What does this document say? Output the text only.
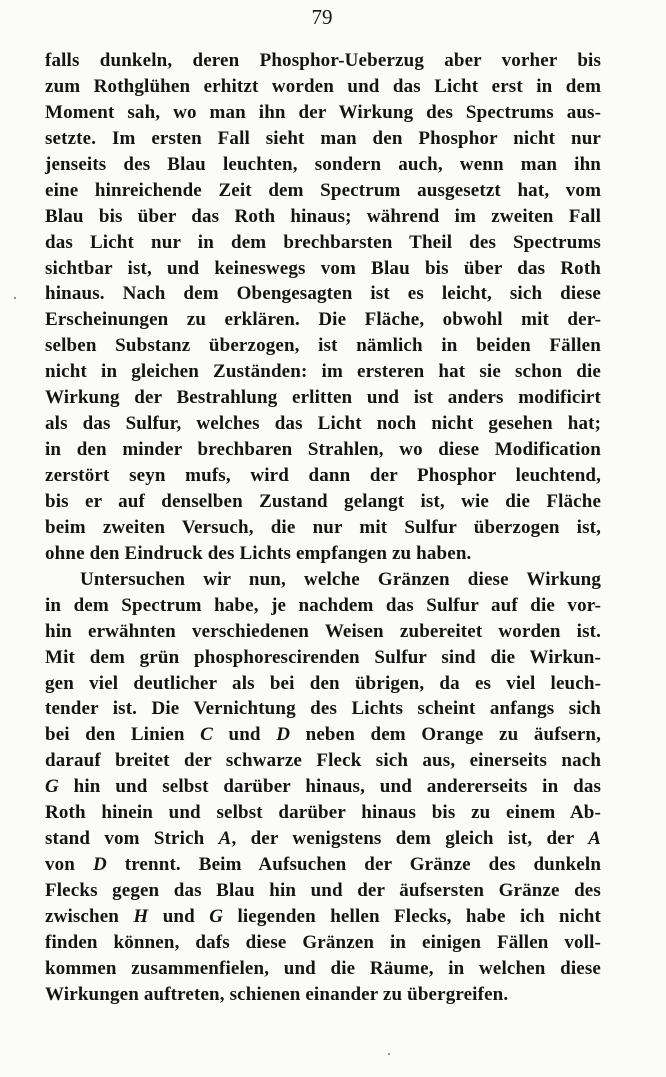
79
falls dunkeln, deren Phosphor-Ueberzug aber vorher bis
zum Rothglühen erhitzt worden und das Licht erst in dem
Moment sah, wo man ihn der Wirkung des Spectrums aus-
setzte. Im ersten Fall sieht man den Phosphor nicht nur
jenseits des Blau leuchten, sondern auch, wenn man ihn
eine hinreichende Zeit dem Spectrum ausgesetzt hat, vom
Blau bis über das Roth hinaus; während im zweiten Fall
das Licht nur in dem brechbarsten Theil des Spectrums
sichtbar ist, und keineswegs vom Blau bis über das Roth
hinaus. Nach dem Obengesagten ist es leicht, sich diese
Erscheinungen zu erklären. Die Fläche, obwohl mit der-
selben Substanz überzogen, ist nämlich in beiden Fällen
nicht in gleichen Zuständen: im ersteren hat sie schon die
Wirkung der Bestrahlung erlitten und ist anders modificirt
als das Sulfur, welches das Licht noch nicht gesehen hat;
in den minder brechbaren Strahlen, wo diese Modification
zerstört seyn mufs, wird dann der Phosphor leuchtend,
bis er auf denselben Zustand gelangt ist, wie die Fläche
beim zweiten Versuch, die nur mit Sulfur überzogen ist,
ohne den Eindruck des Lichts empfangen zu haben.
Untersuchen wir nun, welche Gränzen diese Wirkung
in dem Spectrum habe, je nachdem das Sulfur auf die vor-
hin erwähnten verschiedenen Weisen zubereitet worden ist.
Mit dem grün phosphorescirenden Sulfur sind die Wirkun-
gen viel deutlicher als bei den übrigen, da es viel leuch-
tender ist. Die Vernichtung des Lichts scheint anfangs sich
bei den Linien C und D neben dem Orange zu äufsern,
darauf breitet der schwarze Fleck sich aus, einerseits nach
G hin und selbst darüber hinaus, und andererseits in das
Roth hinein und selbst darüber hinaus bis zu einem Ab-
stand vom Strich A, der wenigstens dem gleich ist, der A
von D trennt. Beim Aufsuchen der Gränze des dunkeln
Flecks gegen das Blau hin und der äufsersten Gränze des
zwischen H und G liegenden hellen Flecks, habe ich nicht
finden können, dafs diese Gränzen in einigen Fällen voll-
kommen zusammenfielen, und die Räume, in welchen diese
Wirkungen auftreten, schienen einander zu übergreifen.
